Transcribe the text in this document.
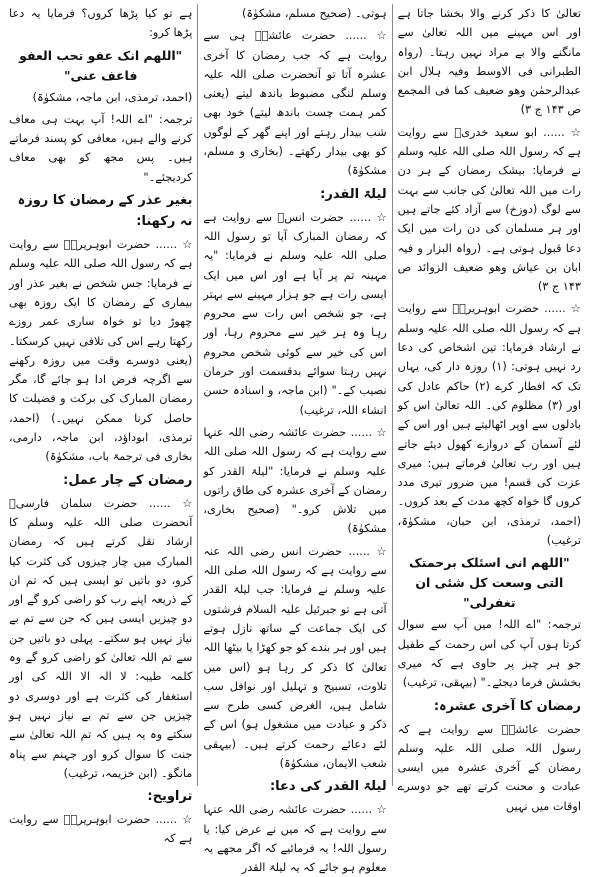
تعالیٰ کا ذکر کرنے والا بخشا جاتا ہے اور اس مہینے میں اللہ تعالیٰ سے مانگنے والا بے مراد نہیں رہتا۔ (رواہ الطبرانی فی الاوسط وفیہ ہلال ابن عبدالرحمٰن وھو ضعیف کما فی المجمع ص ۱۴۳ ج ۳)

☆ ...... ابو سعید خدریؓ سے روایت ہے کہ رسول اللہ صلی اللہ علیہ وسلم نے فرمایا: بیشک رمضان کے ہر دن رات میں اللہ تعالیٰ کی جانب سے بہت سے لوگ (دوزخ) سے آزاد کئے جاتے ہیں اور ہر مسلمان کی دن رات میں ایک دعا قبول ہوتی ہے۔ (رواہ البزار و فیہ ابان بن عیاش وھو ضعیف الزوائد ص ۱۴۳ ج ۳)

☆ ...... حضرت ابوہریرہؓ سے روایت ہے کہ رسول اللہ صلی اللہ علیہ وسلم نے ارشاد فرمایا: تین اشخاص کی دعا رد نہیں ہوتی: (۱) روزہ دار کی، یہاں تک کہ افطار کرے (۲) حاکم عادل کی اور (۳) مظلوم کی۔ اللہ تعالیٰ اس کو بادلوں سے اوپر اٹھالیتے ہیں اور اس کے لئے آسمان کے دروازے کھول دیئے جاتے ہیں اور رب تعالیٰ فرماتے ہیں: میری عزت کی قسم! میں ضرور تیری مدد کروں گا خواہ کچھ مدت کے بعد کروں۔ (احمد، ترمذی، ابن حبان، مشکوٰۃ، ترغیب)

"اللهم انی اسئلک برحمتک التی وسعت کل شئی ان تغفرلی"

ترجمہ: "اے اللہ! میں آپ سے سوال کرتا ہوں آپ کی اس رحمت کے طفیل جو ہر چیز پر حاوی ہے کہ میری بخشش فرما دیجئے۔" (بیہقی، ترغیب)

رمضان کا آخری عشرہ:

حضرت عائشہؓ سے روایت ہے کہ رسول اللہ صلی اللہ علیہ وسلم رمضان کے آخری عشرہ میں ایسی عبادت و محنت کرتے تھے جو دوسرے اوقات میں نہیں

ہوتی۔ (صحیح مسلم، مشکوٰۃ)

☆ ...... حضرت عائشہؓ ہی سے روایت ہے کہ جب رمضان کا آخری عشرہ آتا تو آنحضرت صلی اللہ علیہ وسلم لنگی مضبوط باندھ لیتے (یعنی کمر ہمت چست باندھ لیتے) خود بھی شب بیدار رہتے اور اپنے گھر کے لوگوں کو بھی بیدار رکھتے۔ (بخاری و مسلم، مشکوٰۃ)

لیلۃ القدر:

☆ ...... حضرت انسؓ سے روایت ہے کہ رمضان المبارک آیا تو رسول اللہ صلی اللہ علیہ وسلم نے فرمایا: "یہ مہینہ تم پر آیا ہے اور اس میں ایک ایسی رات ہے جو ہزار مہینے سے بہتر ہے، جو شخص اس رات سے محروم رہا وہ ہر خیر سے محروم رہا، اور اس کی خیر سے کوئی شخص محروم نہیں رہتا سوائے بدقسمت اور حرمان نصیب کے۔" (ابن ماجہ، و اسنادہ حسن انشاء اللہ، ترغیب)

☆ ...... حضرت عائشہ رضی اللہ عنہا سے روایت ہے کہ رسول اللہ صلی اللہ علیہ وسلم نے فرمایا: "لیلۃ القدر کو رمضان کے آخری عشرہ کی طاق راتوں میں تلاش کرو۔" (صحیح بخاری، مشکوٰۃ)

☆ ...... حضرت انس رضی اللہ عنہ سے روایت ہے کہ رسول اللہ صلی اللہ علیہ وسلم نے فرمایا: جب لیلۃ القدر آتی ہے تو جبرئیل علیہ السلام فرشتوں کی ایک جماعت کے ساتھ نازل ہوتے ہیں اور ہر بندے کو جو کھڑا یا بیٹھا اللہ تعالیٰ کا ذکر کر رہا ہو (اس میں تلاوت، تسبیح و تہلیل اور نوافل سب شامل ہیں، الغرض کسی طرح سے ذکر و عبادت میں مشغول ہو) اس کے لئے دعائے رحمت کرتے ہیں۔ (بیہقی شعب الایمان، مشکوٰۃ)

لیلۃ القدر کی دعا:

☆ ...... حضرت عائشہ رضی اللہ عنہا سے روایت ہے کہ میں نے عرض کیا: یا رسول اللہ! یہ فرمائیے کہ اگر مجھے یہ معلوم ہو جائے کہ یہ لیلۃ القدر

ہے تو کیا پڑھا کروں؟ فرمایا یہ دعا پڑھا کرو:

"اللهم انک عفو تحب العفو فاعف عنی"

(احمد، ترمذی، ابن ماجہ، مشکوٰۃ)

ترجمہ: "اے اللہ! آپ بہت ہی معاف کرنے والے ہیں، معافی کو پسند فرماتے ہیں۔ پس مجھ کو بھی معاف کردیجئے۔"

بغیر عذر کے رمضان کا روزہ نہ رکھنا:

☆ ...... حضرت ابوہریرہؓ سے روایت ہے کہ رسول اللہ صلی اللہ علیہ وسلم نے فرمایا: جس شخص نے بغیر عذر اور بیماری کے رمضان کا ایک روزہ بھی چھوڑ دیا تو خواہ ساری عمر روزے رکھتا رہے اس کی تلافی نہیں کرسکتا۔ (یعنی دوسرے وقت میں روزہ رکھنے سے اگرچہ فرض ادا ہو جائے گا، مگر رمضان المبارک کی برکت و فضیلت کا حاصل کرنا ممکن نہیں۔) (احمد، ترمذی، ابوداؤد، ابن ماجہ، دارمی، بخاری فی ترجمۃ باب، مشکوٰۃ)

رمضان کے چار عمل:

☆ ...... حضرت سلمان فارسیؓ آنحضرت صلی اللہ علیہ وسلم کا ارشاد نقل کرتے ہیں کہ رمضان المبارک میں چار چیزوں کی کثرت کیا کرو، دو باتیں تو ایسی ہیں کہ تم ان کے ذریعہ اپنے رب کو راضی کرو گے اور دو چیزیں ایسی ہیں کہ جن سے تم بے نیاز نہیں ہو سکتے۔ پہلی دو باتیں جن سے تم اللہ تعالیٰ کو راضی کرو گے وہ کلمہ طیبہ: لا الہ الا اللہ کی اور استغفار کی کثرت ہے اور دوسری دو چیزیں جن سے تم بے نیاز نہیں ہو سکتے وہ یہ ہیں کہ تم اللہ تعالیٰ سے جنت کا سوال کرو اور جہنم سے پناہ مانگو۔ (ابن خزیمہ، ترغیب)

تراویح:

☆ ...... حضرت ابوہریرہؓ سے روایت ہے کہ
